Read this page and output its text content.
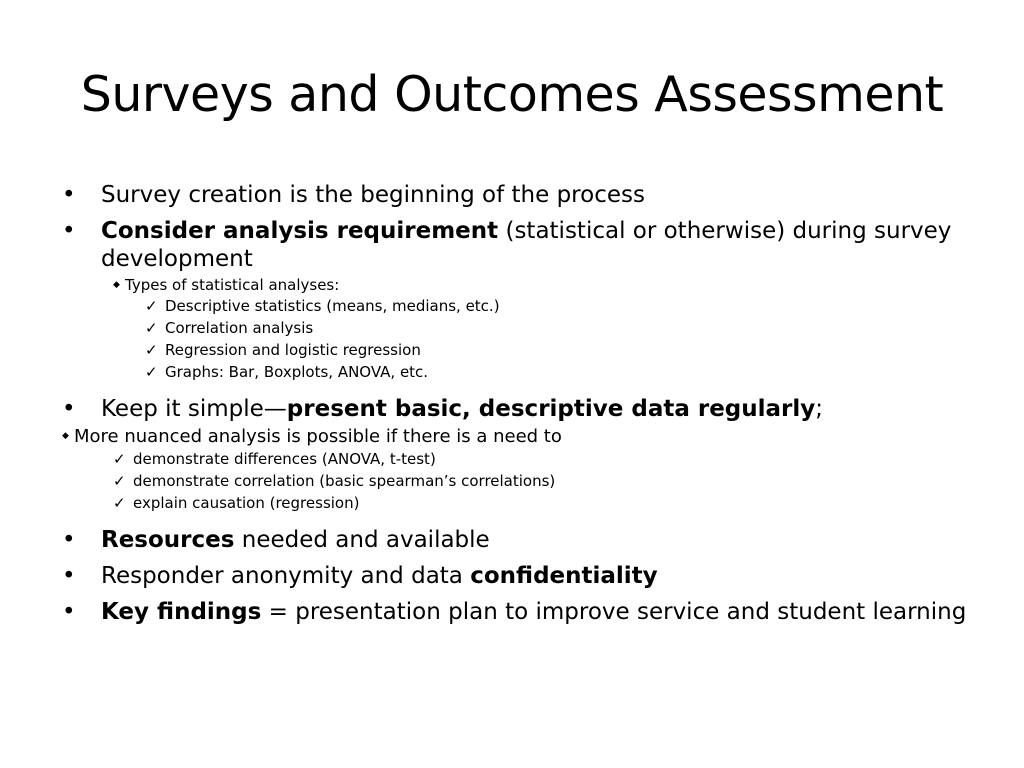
Surveys and Outcomes Assessment
• Survey creation is the beginning of the process
• Consider analysis requirement (statistical or otherwise) during survey development
◆ Types of statistical analyses:
✓ Descriptive statistics (means, medians, etc.)
✓ Correlation analysis
✓ Regression and logistic regression
✓ Graphs: Bar, Boxplots, ANOVA, etc.
• Keep it simple—present basic, descriptive data regularly;
◆ More nuanced analysis is possible if there is a need to
✓ demonstrate differences (ANOVA, t-test)
✓ demonstrate correlation (basic spearman’s correlations)
✓ explain causation (regression)
• Resources needed and available
• Responder anonymity and data confidentiality
• Key findings = presentation plan to improve service and student learning
